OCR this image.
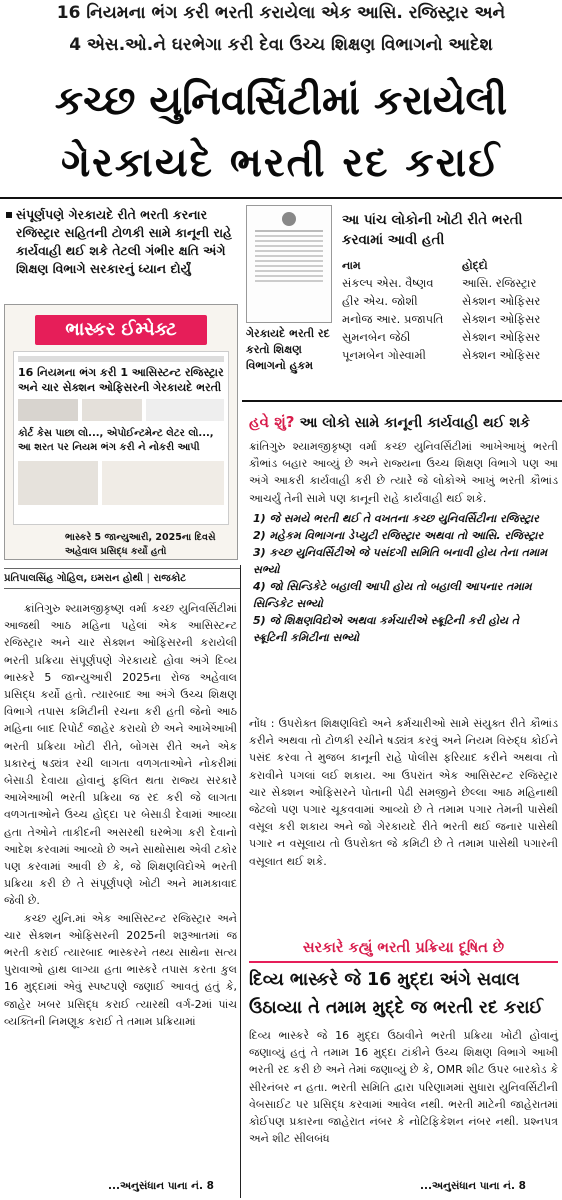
16 નિયમના ભંગ કરી ભરતી કરાયેલા એક આસિ. રજિસ્ટ્રાર અને
4 એસ.ઓ.ને ઘરભેગા કરી દેવા ઉચ્ચ શિક્ષણ વિભાગનો આદેશ
કચ્છ યુનિવર્સિટીમાં કરાયેલી
ગેરકાયદે ભરતી રદ કરાઈ
સંપૂર્ણપણે ગેરકાયદે રીતે ભરતી કરનાર રજિસ્ટ્રાર સહિતની ટોળકી સામે કાનૂની રાહે કાર્યવાહી થઈ શકે તેટલી ગંભીર ક્ષતિ અંગે શિક્ષણ વિભાગે સરકારનું ધ્યાન દોર્યું
ભાસ્કર ઈમ્પેક્ટ
16 નિયમના ભંગ કરી 1 આસિસ્ટન્ટ રજિસ્ટ્રાર
અને ચાર સેક્શન ઓફિસરની ગેરકાયદે ભરતી
કોર્ટ કેસ પાછા લો..., એપોઈન્ટમેન્ટ લેટર લો...,
આ શરત પર નિયમ ભંગ કરી ને નોકરી આપી
ભાસ્કરે 5 જાન્યુઆરી, 2025ના દિવસે અહેવાલ પ્રસિદ્ધ કર્યો હતો
ગેરકાયદે ભરતી રદ કરતો શિક્ષણ વિભાગનો હુકમ
આ પાંચ લોકોની ખોટી રીતે ભરતી કરવામાં આવી હતી
નામ	હોદ્દો
સંકલ્પ એસ. વૈષ્ણવ	આસિ. રજિસ્ટ્રાર
હીર એચ. જોશી	સેક્શન ઓફિસર
મનોજ આર. પ્રજાપતિ	સેક્શન ઓફિસર
સુમનબેન જેઠી	સેક્શન ઓફિસર
પૂનમબેન ગોસ્વામી	સેક્શન ઓફિસર
પ્રતિપાલસિંહ ગોહિલ, ઇમરાન હોથી | રાજકોટ
ક્રાંતિગુરુ શ્યામજીકૃષ્ણ વર્મા કચ્છ યુનિવર્સિટીમાં આજથી આઠ મહિના પહેલાં એક આસિસ્ટન્ટ રજિસ્ટ્રાર અને ચાર સેક્શન ઓફિસરની કરાયેલી ભરતી પ્રક્રિયા સંપૂર્ણપણે ગેરકાયદે હોવા અંગે દિવ્ય ભાસ્કરે 5 જાન્યુઆરી 2025ના રોજ અહેવાલ પ્રસિદ્ધ કર્યો હતો. ત્યારબાદ આ અંગે ઉચ્ચ શિક્ષણ વિભાગે તપાસ કમિટીની રચના કરી હતી જેનો આઠ મહિના બાદ રિપોર્ટ જાહેર કરાયો છે અને આખેઆખી ભરતી પ્રક્રિયા ખોટી રીતે, બોગસ રીતે અને એક પ્રકારનું ષડ્યંત્ર રચી લાગતા વળગતાઓને નોકરીમાં બેસાડી દેવાયા હોવાનું ફલિત થતા રાજ્ય સરકારે આખેઆખી ભરતી પ્રક્રિયા જ રદ કરી જે લાગતા વળગતાઓને ઉચ્ચ હોદ્દા પર બેસાડી દેવામાં આવ્યા હતા તેઓને તાકીદની અસરથી ઘરભેગા કરી દેવાનો આદેશ કરવામાં આવ્યો છે અને સાથોસાથ એવી ટકોર પણ કરવામાં આવી છે કે, જે શિક્ષણવિદોએ ભરતી પ્રક્રિયા કરી છે તે સંપૂર્ણપણે ખોટી અને મામકાવાદ જેવી છે.
કચ્છ યુનિ.માં એક આસિસ્ટન્ટ રજિસ્ટ્રાર અને ચાર સેક્શન ઓફિસરની 2025ની શરૂઆતમાં જ ભરતી કરાઈ ત્યારબાદ ભાસ્કરને તથ્ય સાથેના સત્ય પુરાવાઓ હાથ લાગ્યા હતા ભાસ્કરે તપાસ કરતા કુલ 16 મુદ્દામાં એવું સ્પષ્ટપણે જણાઈ આવતું હતું કે, જાહેર ખબર પ્રસિદ્ધ કરાઈ ત્યારથી વર્ગ-2માં પાંચ વ્યક્તિની નિમણૂક કરાઈ તે તમામ પ્રક્રિયામાં
...અનુસંધાન પાના નં. 8
હવે શું? આ લોકો સામે કાનૂની કાર્યવાહી થઈ શકે
ક્રાંતિગુરુ શ્યામજીકૃષ્ણ વર્મા કચ્છ યુનિવર્સિટીમાં આખેઆખું ભરતી કૌભાંડ બહાર આવ્યું છે અને રાજ્યના ઉચ્ચ શિક્ષણ વિભાગે પણ આ અંગે આકરી કાર્યવાહી કરી છે ત્યારે જે લોકોએ આખું ભરતી કૌભાંડ આચર્યું તેની સામે પણ કાનૂની રાહે કાર્યવાહી થઈ શકે.
1) જે સમયે ભરતી થઈ તે વખતના કચ્છ યુનિવર્સિટીના રજિસ્ટ્રાર
2) મહેકમ વિભાગના ડેપ્યુટી રજિસ્ટ્રાર અથવા તો આસિ. રજિસ્ટ્રાર
3) કચ્છ યુનિવર્સિટીએ જે પસંદગી સમિતિ બનાવી હોય તેના તમામ સભ્યો
4) જો સિન્ડિકેટે બહાલી આપી હોય તો બહાલી આપનાર તમામ સિન્ડિકેટ સભ્યો
5) જે શિક્ષણવિદોએ અથવા કર્મચારીએ સ્ક્રૂટિની કરી હોય તે સ્ક્રૂટિની કમિટીના સભ્યો
નોંધ : ઉપરોક્ત શિક્ષણવિદો અને કર્મચારીઓ સામે સંયુક્ત રીતે કૌભાંડ કરીને અથવા તો ટોળકી રચીને ષડ્યંત્ર કરવું અને નિયમ વિરુદ્ધ કોઈને પસંદ કરવા તે મુજબ કાનૂની રાહે પોલીસ ફરિયાદ કરીને અથવા તો કરાવીને પગલાં લઈ શકાય. આ ઉપરાંત એક આસિસ્ટન્ટ રજિસ્ટ્રાર ચાર સેક્શન ઓફિસરને પોતાની પેઢી સમજીને છેલ્લા આઠ મહિનાથી જેટલો પણ પગાર ચૂકવવામાં આવ્યો છે તે તમામ પગાર તેમની પાસેથી વસૂલ કરી શકાય અને જો ગેરકાયદે રીતે ભરતી થઈ જનાર પાસેથી પગાર ન વસૂલાય તો ઉપરોક્ત જે કમિટી છે તે તમામ પાસેથી પગારની વસૂલાત થઈ શકે.
સરકારે કહ્યું ભરતી પ્રક્રિયા દૂષિત છે
દિવ્ય ભાસ્કરે જે 16 મુદ્દા અંગે સવાલ
ઉઠાવ્યા તે તમામ મુદ્દે જ ભરતી રદ કરાઈ
દિવ્ય ભાસ્કરે જે 16 મુદ્દા ઉઠાવીને ભરતી પ્રક્રિયા ખોટી હોવાનું જણાવ્યું હતું તે તમામ 16 મુદ્દા ટાંકીને ઉચ્ચ શિક્ષણ વિભાગે આખી ભરતી રદ કરી છે અને તેમાં જણાવ્યું છે કે, OMR શીટ ઉપર બારકોડ કે સીરનંબર ન હતા. ભરતી સમિતિ દ્વારા પરિણામમાં સુધારા યુનિવર્સિટીની વેબસાઈટ પર પ્રસિદ્ધ કરવામાં આવેલ નથી. ભરતી માટેની જાહેરાતમાં કોઈપણ પ્રકારના જાહેરાત નંબર કે નોટિફિકેશન નંબર નથી. પ્રશ્નપત્ર અને શીટ સીલબંધ
...અનુસંધાન પાના નં. 8
